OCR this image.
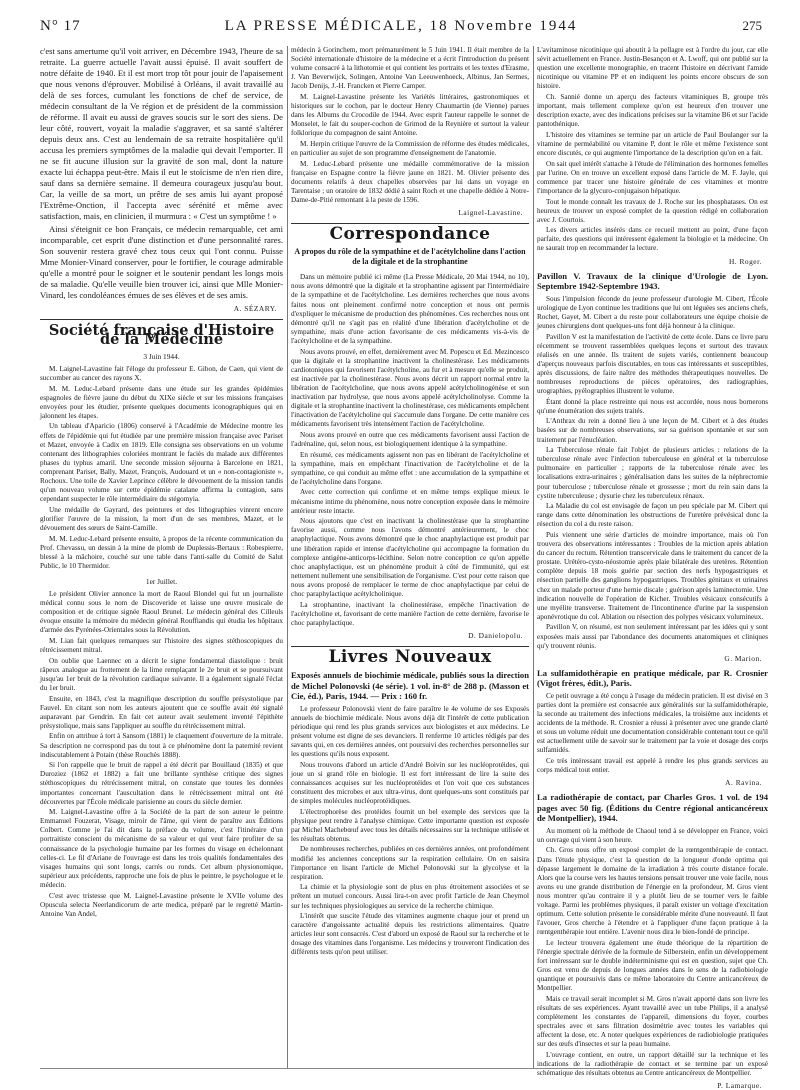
N° 17	LA PRESSE MÉDICALE, 18 Novembre 1944	275

c'est sans amertume qu'il voit arriver, en Décembre 1943, l'heure de sa retraite. La guerre actuelle l'avait aussi épuisé. Il avait souffert de notre défaite de 1940. Et il est mort trop tôt pour jouir de l'apaisement que nous venons d'éprouver. Mobilisé à Orléans, il avait travaillé au delà de ses forces, cumulant les fonctions de chef de service, de médecin consultant de la Ve région et de président de la commission de réforme. Il avait eu aussi de graves soucis sur le sort des siens. De leur côté, rouvert, voyait la maladie s'aggraver, et sa santé s'altérer depuis deux ans. C'est au lendemain de sa retraite hospitalière qu'il accusa les premiers symptômes de la maladie qui devait l'emporter. Il ne se fit aucune illusion sur la gravité de son mal, dont la nature exacte lui échappa peut-être. Mais il eut le stoïcisme de n'en rien dire, sauf dans sa dernière semaine. Il demeura courageux jusqu'au bout. Car, la veille de sa mort, un prêtre de ses amis lui ayant proposé l'Extrême-Onction, il l'accepta avec sérénité et même avec satisfaction, mais, en clinicien, il murmura : « C'est un symptôme ! »

Ainsi s'éteignit ce bon Français, ce médecin remarquable, cet ami incomparable, cet esprit d'une distinction et d'une personnalité rares. Son souvenir restera gravé chez tous ceux qui l'ont connu. Puisse Mme Monier-Vinard conserver, pour le fortifier, le courage admirable qu'elle a montré pour le soigner et le soutenir pendant les longs mois de sa maladie. Qu'elle veuille bien trouver ici, ainsi que Mlle Monier-Vinard, les condoléances émues de ses élèves et de ses amis.

A. SÉZARY.
Société française d'Histoire de la Médecine
3 Juin 1944.

M. Laignel-Lavastine fait l'éloge du professeur E. Gibon, de Caen, qui vient de succomber au cancer des rayons X.

M. M. Leduc-Lebard présente dans une étude sur les grandes épidémies espagnoles de fièvre jaune du début du XIXe siècle et sur les missions françaises envoyées pour les étudier, présente quelques documents iconographiques qui en jalonnent les étapes.

Un tableau d'Aparicio (1806) conservé à l'Académie de Médecine montre les effets de l'épidémie qui fut étudiée par une première mission française avec Pariset et Mazet, envoyée à Cadix en 1819. Elle consigna ses observations en un volume contenant des lithographies coloriées montrant le faciès du malade aux différentes phases du typhus amaril. Une seconde mission séjourna à Barcelone en 1821, comprenant Pariset, Bally, Mazet, François, Audouard et un « non-contagioniste », Rochoux. Une toile de Xavier Leprince célèbre le dévouement de la mission tandis qu'un nouveau volume sur cette épidémie catalane affirma la contagion, sans cependant suspecter le rôle intermédiaire du stégomyia.

Une médaille de Gayrard, des peintures et des lithographies vinrent encore glorifier l'œuvre de la mission, la mort d'un de ses membres, Mazet, et le dévouement des sœurs de Saint-Camille.

M. M. Leduc-Lebard présente ensuite, à propos de la récente communication du Prof. Chevassu, un dessin à la mine de plomb de Duplessis-Bertaux : Robespierre, blessé à la mâchoire, couché sur une table dans l'anti-salle du Comité de Salut Public, le 10 Thermidor.

1er Juillet.

Le président Olivier annonce la mort de Raoul Blondel qui fut un journaliste médical connu sous le nom de Discoveride et laisse une œuvre musicale de composition et de critique signée Raoul Brunel. Le médecin général des Cilleuls évoque ensuite la mémoire du médecin général Rouffiandis qui étudia les hôpitaux d'armée des Pyrénées-Orientales sous la Révolution.

M. Lian fait quelques remarques sur l'histoire des signes stéthoscopiques du rétrécissement mitral.

On oublie que Laennec en a décrit le signe fondamental diastolique : bruit râpeux analogue au frottement de la lime remplaçant le 2e bruit et se poursuivant jusqu'au 1er bruit de la révolution cardiaque suivante. Il a également signalé l'éclat du 1er bruit.

Ensuite, en 1843, c'est la magnifique description du souffle présystolique par Fauvel. En citant son nom les auteurs ajoutent que ce souffle avait été signalé auparavant par Gendrin. En fait cet auteur avait seulement inventé l'épithète présystolique, mais sans l'appliquer au souffle du rétrécissement mitral.

Enfin on attribue à tort à Sansom (1881) le claquement d'ouverture de la mitrale. Sa description ne correspond pas du tout à ce phénomène dont la paternité revient indiscutablement à Potain (thèse Rouchès 1888).

Si l'on rappelle que le bruit de rappel a été décrit par Bouillaud (1835) et que Duroziez (1862 et 1882) a fait une brillante synthèse critique des signes stéthoscopiques du rétrécissement mitral, on constate que toutes les données importantes concernant l'auscultation dans le rétrécissement mitral ont été découvertes par l'École médicale parisienne au cours du siècle dernier.

M. Laignel-Lavastine offre à la Société de la part de son auteur le peintre Emmanuel Fouzerat, Visage, miroir de l'âme, qui vient de paraître aux Éditions Colbert. Comme je l'ai dit dans la préface du volume, c'est l'itinéraire d'un portraitiste conscient du mécanisme de sa valeur et qui veut faire profiter de sa connaissance de la psychologie humaine par les formes du visage en échelonnant celles-ci. Le fil d'Ariane de l'ouvrage est dans les trois qualités fondamentales des visages humains qui sont longs, carrés ou ronds. Cet album physionomique, supérieur aux précédents, rapproche une fois de plus le peintre, le psychologue et le médecin.

C'est avec tristesse que M. Laignel-Lavastine présente le XVIIe volume des Opuscula selecta Neerlandicorum de arte medica, préparé par le regretté Martin-Antoine Van Andel,

médecin à Gorinchem, mort prématurément le 5 Juin 1941. Il était membre de la Société internationale d'histoire de la médecine et a écrit l'introduction du présent volume consacré à la lithotomie et qui contient les portraits et les textes d'Erasme, J. Van Beverwijck, Solingen, Antoine Van Leeuwenhoeck, Albinus, Jan Sermes, Jacob Denijs, J.-H. Francken et Pierre Camper.

M. Laignel-Lavastine présente les Variétés littéraires, gastronomiques et historiques sur le cochon, par le docteur Henry Chaumartin (de Vienne) parues dans les Albums du Crocodile de 1944. Avec esprit l'auteur rappelle le sonnet de Monselet, le fait du souper-cochon de Grimod de la Reynière et surtout la valeur folklorique du compagnon de saint Antoine.

M. Herpin critique l'œuvre de la Commission de réforme des études médicales, en particulier au sujet de son programme d'enseignement de l'anatomie.

M. Leduc-Lebard présente une médaille commémorative de la mission française en Espagne contre la fièvre jaune en 1821. M. Olivier présente des documents relatifs à deux chapelles observées par lui dans un voyage en Tarentaise ; un oratoire de 1832 dédié à saint Roch et une chapelle dédiée à Notre-Dame-de-Pitié remontant à la peste de 1596.

Laignel-Lavastine.
Correspondance
A propos du rôle de la sympathine et de l'acétylcholine dans l'action de la digitale et de la strophantine

Dans un mémoire publié ici même (La Presse Médicale, 20 Mai 1944, no 10), nous avons démontré que la digitale et la strophantine agissent par l'intermédiaire de la sympathine et de l'acétylcholine. Les dernières recherches que nous avons faites nous ont pleinement confirmé notre conception et nous ont permis d'expliquer le mécanisme de production des phénomènes. Ces recherches nous ont démontré qu'il ne s'agit pas en réalité d'une libération d'acétylcholine et de sympathine, mais d'une action favorisante de ces médicaments vis-à-vis de l'acétylcholine et de la sympathine.

Nous avons prouvé, en effet, dernièrement avec M. Popescu et Ed. Mezincesco que la digitale et la strophantine inactivent la cholinestérase. Les médicaments cardiotoniques qui favorisent l'acétylcholine, au fur et à mesure qu'elle se produit, est inactivée par la cholinestérase. Nous avons décrit un rapport normal entre la libération de l'acétylcholine, que nous avons appelé acétylcholinogénèse et son inactivation par hydrolyse, que nous avons appelé acétylcholinolyse. Comme la digitale et la strophantine inactivent la cholinestérase, ces médicaments empêchent l'inactivation de l'acétylcholine qui s'accumule dans l'organe. De cette manière ces médicaments favorisent très intensément l'action de l'acétylcholine.

Nous avons prouvé en outre que ces médicaments favorisent aussi l'action de l'adrénaline, qui, selon nous, est biologiquement identique à la sympathine.

En résumé, ces médicaments agissent non pas en libérant de l'acétylcholine et la sympathine, mais en empêchant l'inactivation de l'acétylcholine et de la sympathine, ce qui conduit au même effet : une accumulation de la sympathine et de l'acétylcholine dans l'organe.

Avec cette correction qui confirme et en même temps explique mieux le mécanisme intime du phénomène, nous notre conception exposée dans le mémoire antérieur reste intacte.

Nous ajoutons que c'est en inactivant la cholinestérase que la strophantine favorise aussi, comme nous l'avons démontré antérieurement, le choc anaphylactique. Nous avons démontré que le choc anaphylactique est produit par une libération rapide et intense d'acétylcholine qui accompagne la formation du complexe antigène-anticorps-lécithine. Selon notre conception ce qu'on appelle choc anaphylactique, est un phénomène produit à côté de l'immunité, qui est nettement nullement une sensibilisation de l'organisme. C'est pour cette raison que nous avons proposé de remplacer le terme de choc anaphylactique par celui de choc paraphylactique acétylcholinique.

La strophantine, inactivant la cholinestérase, empêche l'inactivation de l'acétylcholine et, favorisant de cette manière l'action de cette dernière, favorise le choc paraphylactique.

D. Danielopolu.
Livres Nouveaux
Exposés annuels de biochimie médicale, publiés sous la direction de Michel Polonovski (4e série). 1 vol. in-8° de 288 p. (Masson et Cie, éd.), Paris, 1944. — Prix : 160 fr.

Le professeur Polonovski vient de faire paraître le 4e volume de ses Exposés annuels de biochimie médicale. Nous avons déjà dit l'intérêt de cette publication périodique qui rend les plus grands services aux biologistes et aux médecins. Le présent volume est digne de ses devanciers. Il renferme 10 articles rédigés par des savants qui, en ces dernières années, ont poursuivi des recherches personnelles sur les questions qu'ils nous exposent.

Nous trouvons d'abord un article d'André Boivin sur les nucléoprotéides, qui joue un si grand rôle en biologie. Il est fort intéressant de lire la suite des connaissances acquises sur les nucléoprotéides et l'on voit que ces substances constituent des microbes et aux ultra-virus, dont quelques-uns sont constitués par de simples molécules nucléoprotéidiques.

L'électrophorèse des protéides fournit un bel exemple des services que la physique peut rendre à l'analyse chimique. Cette importante question est exposée par Michel Machebœuf avec tous les détails nécessaires sur la technique utilisée et les résultats obtenus.

De nombreuses recherches, publiées en ces dernières années, ont profondément modifié les anciennes conceptions sur la respiration cellulaire. On en saisira l'importance en lisant l'article de Michel Polonovski sur la glycolyse et la respiration.

La chimie et la physiologie sont de plus en plus étroitement associées et se prêtent un mutuel concours. Aussi lira-t-on avec profit l'article de Jean Cheymol sur les techniques physiologiques au service de la recherche chimique.

L'intérêt que suscite l'étude des vitamines augmente chaque jour et prend un caractère d'angoissante actualité depuis les restrictions alimentaires. Quatre articles leur sont consacrés. C'est d'abord un exposé de Raoul sur la recherche et le dosage des vitamines dans l'organisme. Les médecins y trouveront l'indication des différents tests qu'on peut utiliser.

L'avitaminose nicotinique qui aboutit à la pellagre est à l'ordre du jour, car elle sévit actuellement en France. Justin-Besançon et A. Lwoff, qui ont publié sur la question une excellente monographie, en tracent l'histoire en décrivant l'amide nicotinique ou vitamine PP et en indiquent les points encore obscurs de son histoire.

Ch. Sannié donne un aperçu des facteurs vitaminiques B, groupe très important, mais tellement complexe qu'on est heureux d'en trouver une description exacte, avec des indications précises sur la vitamine B6 et sur l'acide pantothénique.

L'histoire des vitamines se termine par un article de Paul Boulanger sur la vitamine de perméabilité ou vitamine P, dont le rôle et même l'existence sont encore discutés, ce qui augmente l'importance de la description qu'on en a fait.

On sait quel intérêt s'attache à l'étude de l'élimination des hormones femelles par l'urine. On en trouve un excellent exposé dans l'article de M. F. Jayle, qui commence par tracer une histoire générale de ces vitamines et montre l'importance de la glycuro-conjugaison hépatique.

Tout le monde connaît les travaux de J. Roche sur les phosphatases. On est heureux de trouver un exposé complet de la question rédigé en collaboration avec J. Courtois.

Les divers articles insérés dans ce recueil mettent au point, d'une façon parfaite, des questions qui intéressent également la biologie et la médecine. On ne saurait trop en recommander la lecture.

H. Roger.
Pavillon V. Travaux de la clinique d'Urologie de Lyon. Septembre 1942-Septembre 1943.

Sous l'impulsion féconde du jeune professeur d'urologie M. Cibert, l'École urologique de Lyon continue les traditions que lui ont léguées ses anciens chefs, Rochet, Gayet, M. Cibert a du reste pour collaborateurs une équipe choisie de jeunes chirurgiens dont quelques-uns font déjà honneur à la clinique.

Pavillon V est la manifestation de l'activité de cette école. Dans ce livre paru récemment se trouvent rassemblées quelques leçons et surtout des travaux réalisés en une année. Ils traitent de sujets variés, contiennent beaucoup d'aperçus nouveaux parfois discutables, en tous cas intéressants et susceptibles, après discussions, de faire naître des méthodes thérapeutiques nouvelles. De nombreuses reproductions de pièces opératoires, des radiographies, urographies, pyélographies illustrent le volume.

Étant donné la place restreinte qui nous est accordée, nous nous bornerons qu'une énumération des sujets traités.

L'Anthrax du rein a donné lieu à une leçon de M. Cibert et à des études basées sur de nombreuses observations, sur sa guérison spontanée et sur son traitement par l'énucléation.

La Tuberculose rénale fait l'objet de plusieurs articles : relations de la tuberculose rénale avec l'infection tuberculeuse en général et la tuberculose pulmonaire en particulier ; rapports de la tuberculose rénale avec les localisations extra-urinaires ; généralisation dans les suites de la néphrectomie pour tuberculose ; tuberculose rénale et grossesse ; mort du rein sain dans la cystite tuberculeuse ; dysurie chez les tuberculeux rénaux.

La Maladie du col est envisagée de façon un peu spéciale par M. Cibert qui range dans cette dénomination les obstructions de l'uretère prévésical donc la résection du col a du reste raison.

Puis viennent une série d'articles de moindre importance, mais où l'on trouvera des observations intéressantes : Troubles de la miction après ablation du cancer du rectum. Rétention transcervicale dans le traitement du cancer de la prostate. Urétéro-cysto-néostomie après plaie bilatérale des uretères. Rétention complète depuis 18 mois guérie par section des nerfs hypogastriques et résection partielle des ganglions hypogastriques. Troubles génitaux et urinaires chez un malade porteur d'une hernie discale ; guérison après laminectomie. Une indication nouvelle de l'opération de Kicher. Troubles vésicaux consécutifs à une myélite transverse. Traitement de l'incontinence d'urine par la suspension aponévrotique du col. Ablation ou résection des polypes vésicaux volumineux.

Pavillon V, on résumé, est non seulement intéressant par les idées qui y sont exposées mais aussi par l'abondance des documents anatomiques et cliniques qu'y trouvent réunis.

G. Marion.
La sulfamidothérapie en pratique médicale, par R. Crosnier (Vigot frères, édit.), Paris.

Ce petit ouvrage a été conçu à l'usage du médecin praticien. Il est divisé en 3 parties dont la première est consacrée aux généralités sur la sulfamidothérapie, la seconde au traitement des infections médicales, la troisième aux incidents et accidents de la méthode. R. Crosnier a réussi à présenter avec une grande clarté et sous un volume réduit une documentation considérable contenant tout ce qu'il est actuellement utile de savoir sur le traitement par la voie et dosage des corps sulfamidés.

Ce très intéressant travail est appelé à rendre les plus grands services au corps médical tout entier.

A. Ravina.
La radiothérapie de contact, par Charles Gros. 1 vol. de 194 pages avec 50 fig. (Éditions du Centre régional anticancéreux de Montpellier), 1944.

Au moment où la méthode de Chaoul tend à se développer en France, voici un ouvrage qui vient à son heure.

Ch. Gros nous offre un exposé complet de la rœntgenthérapie de contact. Dans l'étude physique, c'est la question de la longueur d'onde optima qui dépasse largement le domaine de la irradiation à très courte distance focale. Alors que la course vers les hautes tensions pensait trouver une voie facile, nous avons eu une grande distribution de l'énergie en la profondeur, M. Gros vient nous montrer qu'au contraire il y a plutôt lieu de se tourner vers le faible voltage. Parmi les problèmes physiques, il paraît exister un voltage d'excitation optimum. Cette solution présente le considérable mérite d'une nouveauté. Il faut l'avouer, Gros cherche à l'étendre et à l'appliquer d'une façon pratique à la rœntgenthérapie tout entière. L'avenir nous dira le bien-fondé de principe.

Le lecteur trouvera également une étude théorique de la répartition de l'énergie spectrale dérivée de la formule de Silberstein, enfin un développement fort intéressant sur le double indéterminisme qui est en question, sujet que Ch. Gros est venu de depuis de longues années dans le sens de la radiobiologie quantique et poursuivis dans ce même laboratoire du Centre anticancéreux de Montpellier.

Mais ce travail serait incomplet si M. Gros n'avait apporté dans son livre les résultats de ses expériences. Ayant travaillé avec un tube Philips, il a analysé complètement les constantes de l'appareil, dimensions du foyer, courbes spectrales avec et sans filtration dosimétrie avec toutes les variables qui affectent la dose, etc. A noter quelques expériences de radiobiologie pratiquées sur des œufs d'insectes et sur la peau humaine.

L'ouvrage contient, en outre, un rapport détaillé sur la technique et les indications de la radiothérapie de contact et se termine par un exposé schématique des résultats obtenus au Centre anticancéreux de Montpellier.

P. Lamarque.
